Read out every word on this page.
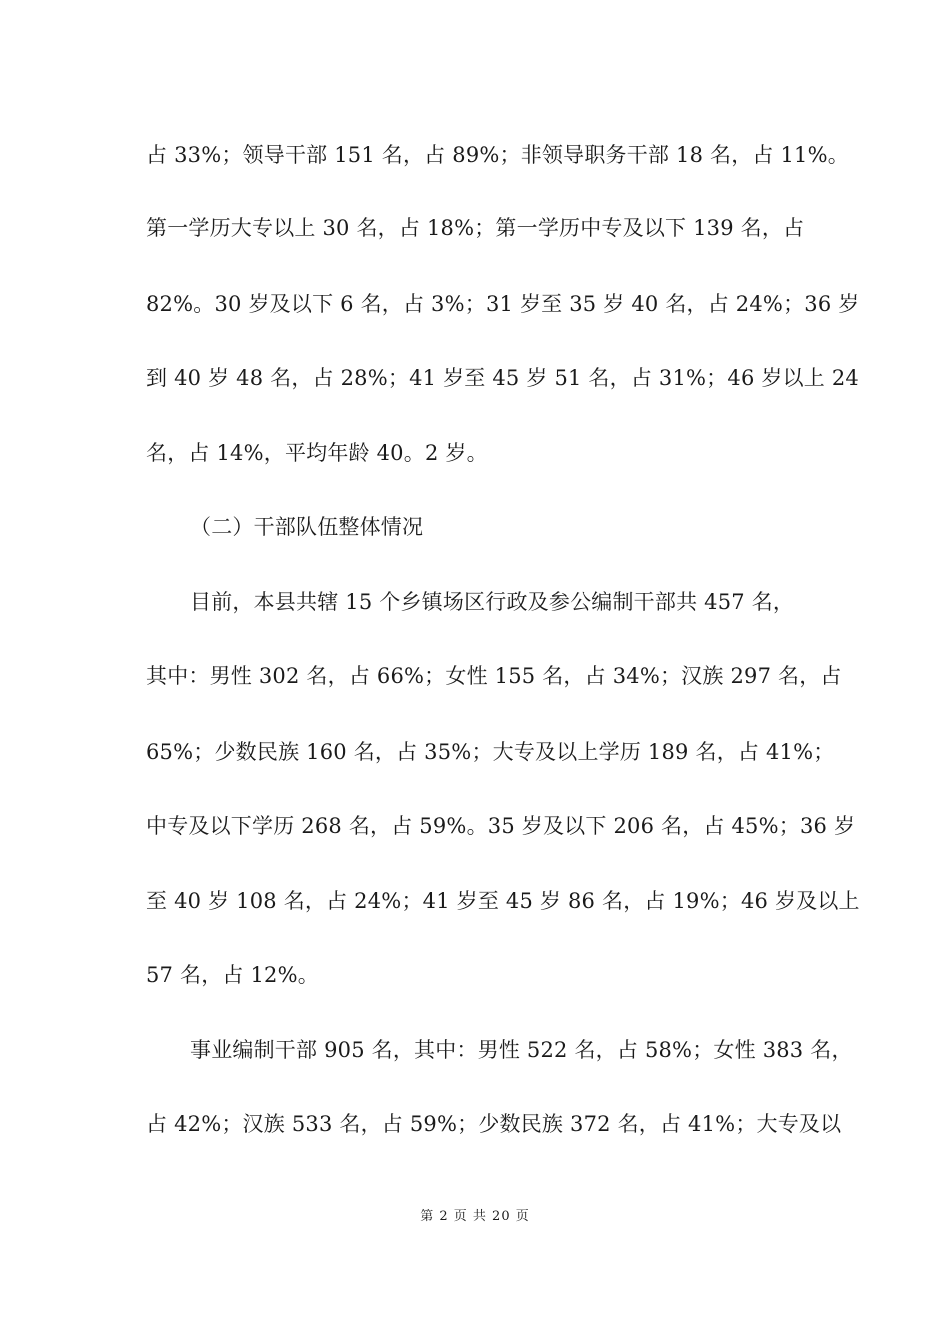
占 33%；领导干部 151 名，占 89%；非领导职务干部 18 名，占 11%。
第一学历大专以上 30 名，占 18%；第一学历中专及以下 139 名，占
82%。30 岁及以下 6 名，占 3%；31 岁至 35 岁 40 名，占 24%；36 岁
到 40 岁 48 名，占 28%；41 岁至 45 岁 51 名，占 31%；46 岁以上 24
名，占 14%，平均年龄 40。2 岁。
（二）干部队伍整体情况
目前，本县共辖 15 个乡镇场区行政及参公编制干部共 457 名，
其中：男性 302 名，占 66%；女性 155 名，占 34%；汉族 297 名，占
65%；少数民族 160 名，占 35%；大专及以上学历 189 名，占 41%；
中专及以下学历 268 名，占 59%。35 岁及以下 206 名，占 45%；36 岁
至 40 岁 108 名，占 24%；41 岁至 45 岁 86 名，占 19%；46 岁及以上
57 名，占 12%。
事业编制干部 905 名，其中：男性 522 名，占 58%；女性 383 名，
占 42%；汉族 533 名，占 59%；少数民族 372 名，占 41%；大专及以
第 2 页 共 20 页
